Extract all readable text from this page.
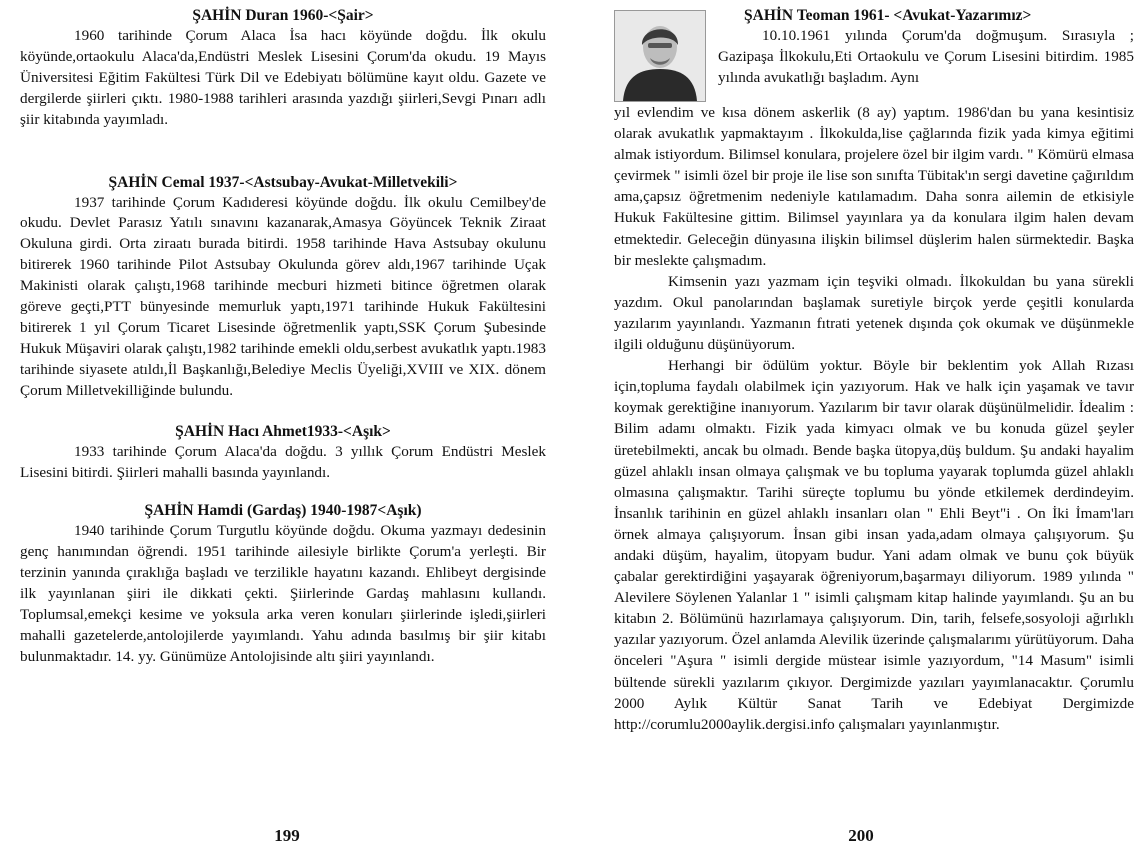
ŞAHİN Duran 1960-<Şair>

1960 tarihinde Çorum Alaca İsa hacı köyünde doğdu. İlk okulu köyünde,ortaokulu Alaca'da,Endüstri Meslek Lisesini Çorum'da okudu. 19 Mayıs Üniversitesi Eğitim Fakültesi Türk Dil ve Edebiyatı bölümüne kayıt oldu. Gazete ve dergilerde şiirleri çıktı. 1980-1988 tarihleri arasında yazdığı şiirleri,Sevgi Pınarı adlı şiir kitabında yayımladı.

ŞAHİN Cemal 1937-<Astsubay-Avukat-Milletvekili>

1937 tarihinde Çorum Kadıderesi köyünde doğdu. İlk okulu Cemilbey'de okudu. Devlet Parasız Yatılı sınavını kazanarak,Amasya Göyüncek Teknik Ziraat Okuluna girdi. Orta ziraatı burada bitirdi. 1958 tarihinde Hava Astsubay okulunu bitirerek 1960 tarihinde Pilot Astsubay Okulunda görev aldı,1967 tarihinde Uçak Makinisti olarak çalıştı,1968 tarihinde mecburi hizmeti bitince öğretmen olarak göreve geçti,PTT bünyesinde memurluk yaptı,1971 tarihinde Hukuk Fakültesini bitirerek 1 yıl Çorum Ticaret Lisesinde öğretmenlik yaptı,SSK Çorum Şubesinde Hukuk Müşaviri olarak çalıştı,1982 tarihinde emekli oldu,serbest avukatlık yaptı.1983 tarihinde siyasete atıldı,İl Başkanlığı,Belediye Meclis Üyeliği,XVIII ve XIX. dönem Çorum Milletvekilliğinde bulundu.

ŞAHİN Hacı Ahmet1933-<Aşık>

1933 tarihinde Çorum Alaca'da doğdu. 3 yıllık Çorum Endüstri Meslek Lisesini bitirdi. Şiirleri mahalli basında yayınlandı.

ŞAHİN Hamdi (Gardaş) 1940-1987<Aşık)

1940 tarihinde Çorum Turgutlu köyünde doğdu. Okuma yazmayı dedesinin genç hanımından öğrendi. 1951 tarihinde ailesiyle birlikte Çorum'a yerleşti. Bir terzinin yanında çıraklığa başladı ve terzilikle hayatını kazandı. Ehlibeyt dergisinde ilk yayınlanan şiiri ile dikkati çekti. Şiirlerinde Gardaş mahlasını kullandı. Toplumsal,emekçi kesime ve yoksula arka veren konuları şiirlerinde işledi,şiirleri mahalli gazetelerde,antolojilerde yayımlandı. Yahu adında basılmış bir şiir kitabı bulunmaktadır. 14. yy. Günümüze Antolojisinde altı şiiri yayınlandı.

199

ŞAHİN Teoman 1961- <Avukat-Yazarımız>

10.10.1961 yılında Çorum'da doğmuşum. Sırasıyla ; Gazipaşa İlkokulu,Eti Ortaokulu ve Çorum Lisesini bitirdim. 1985 yılında avukatlığı başladım. Aynı

yıl evlendim ve kısa dönem askerlik (8 ay) yaptım. 1986'dan bu yana kesintisiz olarak avukatlık yapmaktayım . İlkokulda,lise çağlarında fizik yada kimya eğitimi almak istiyordum. Bilimsel konulara, projelere özel bir ilgim vardı. " Kömürü elmasa çevirmek " isimli özel bir proje ile lise son sınıfta Tübitak'ın sergi davetine çağırıldım ama,çapsız öğretmenim nedeniyle katılamadım. Daha sonra ailemin de etkisiyle Hukuk Fakültesine gittim. Bilimsel yayınlara ya da konulara ilgim halen devam etmektedir. Geleceğin dünyasına ilişkin bilimsel düşlerim halen sürmektedir. Başka bir meslekte çalışmadım.

Kimsenin yazı yazmam için teşviki olmadı. İlkokuldan bu yana sürekli yazdım. Okul panolarından başlamak suretiyle birçok yerde çeşitli konularda yazılarım yayınlandı. Yazmanın fıtrati yetenek dışında çok okumak ve düşünmekle ilgili olduğunu düşünüyorum.

Herhangi bir ödülüm yoktur. Böyle bir beklentim yok Allah Rızası için,topluma faydalı olabilmek için yazıyorum. Hak ve halk için yaşamak ve tavır koymak gerektiğine inanıyorum. Yazılarım bir tavır olarak düşünülmelidir. İdealim : Bilim adamı olmaktı. Fizik yada kimyacı olmak ve bu konuda güzel şeyler üretebilmekti, ancak bu olmadı. Bende başka ütopya,düş buldum. Şu andaki hayalim güzel ahlaklı insan olmaya çalışmak ve bu topluma yayarak toplumda güzel ahlaklı olmasına çalışmaktır. Tarihi süreçte toplumu bu yönde etkilemek derdindeyim. İnsanlık tarihinin en güzel ahlaklı insanları olan " Ehli Beyt"i . On İki İmam'ları örnek almaya çalışıyorum. İnsan gibi insan yada,adam olmaya çalışıyorum. Şu andaki düşüm, hayalim, ütopyam budur. Yani adam olmak ve bunu çok büyük çabalar gerektirdiğini yaşayarak öğreniyorum,başarmayı diliyorum. 1989 yılında " Alevilere Söylenen Yalanlar 1 " isimli çalışmam kitap halinde yayımlandı. Şu an bu kitabın 2. Bölümünü hazırlamaya çalışıyorum. Din, tarih, felsefe,sosyoloji ağırlıklı yazılar yazıyorum. Özel anlamda Alevilik üzerinde çalışmalarımı yürütüyorum. Daha önceleri "Aşura " isimli dergide müstear isimle yazıyordum, "14 Masum" isimli bültende sürekli yazılarım çıkıyor. Dergimizde yazıları yayımlanacaktır. Çorumlu 2000 Aylık Kültür Sanat Tarih ve Edebiyat Dergimizde http://corumlu2000aylik.dergisi.info çalışmaları yayınlanmıştır.

200
